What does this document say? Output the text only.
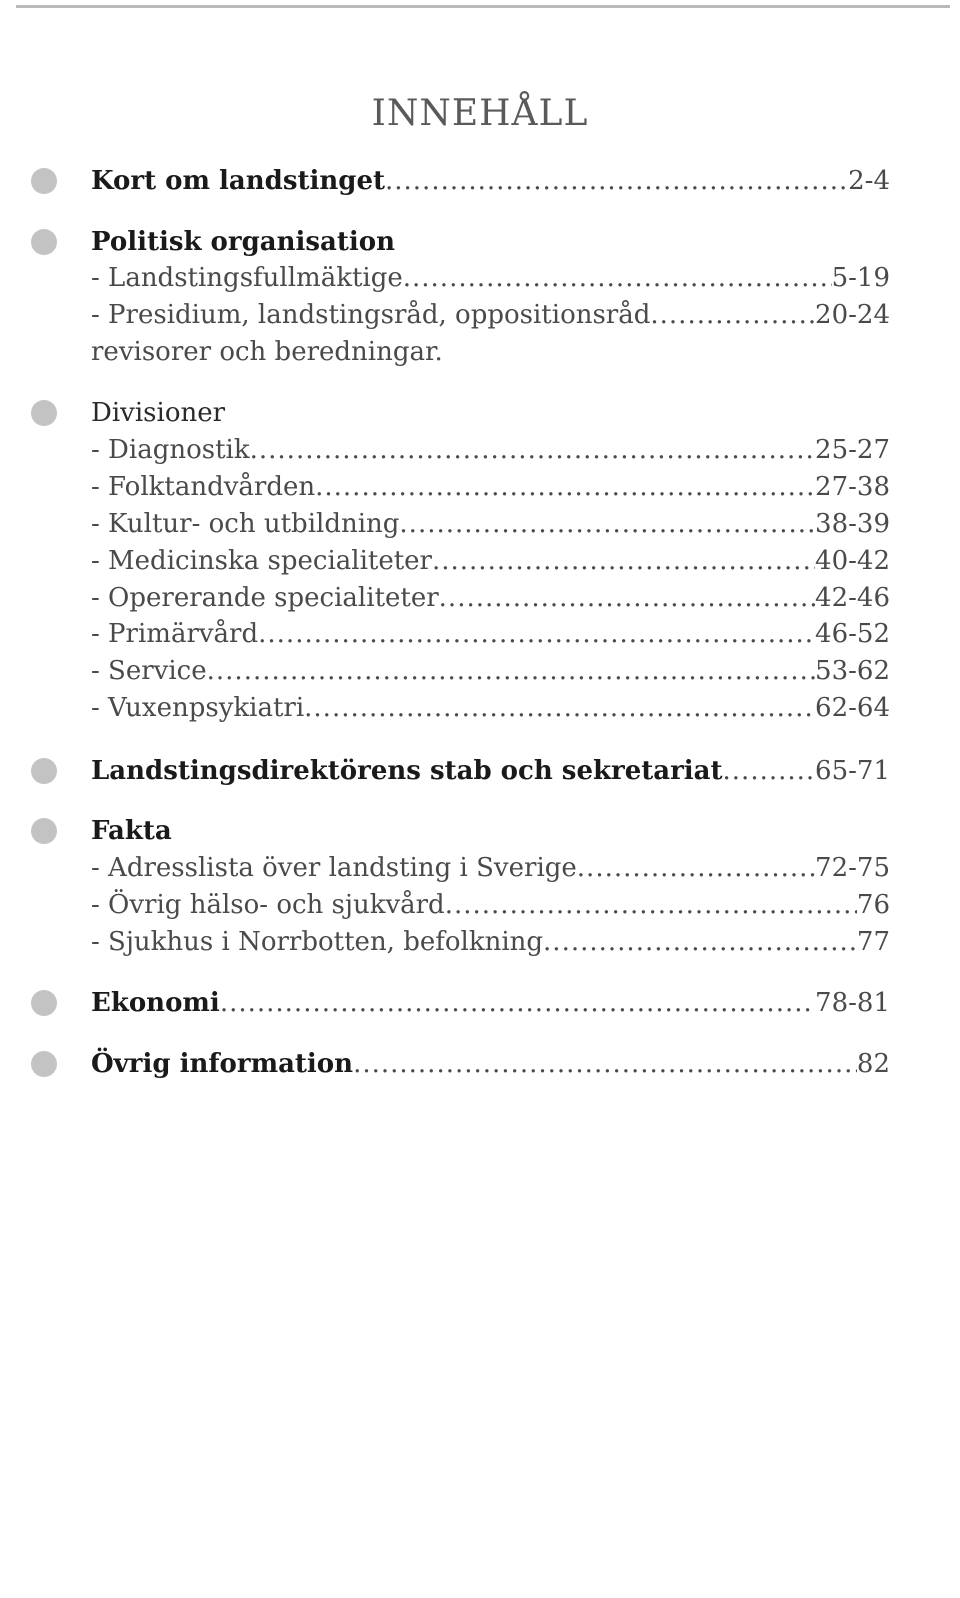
INNEHÅLL
Kort om landstinget .....	2-4
Politisk organisation
- Landstingsfullmäktige .....	5-19
- Presidium, landstingsråd, oppositionsråd .....	20-24
revisorer och beredningar.
Divisioner
- Diagnostik .....	25-27
- Folktandvården .....	27-38
- Kultur- och utbildning .....	38-39
- Medicinska specialiteter .....	40-42
- Opererande specialiteter .....	42-46
- Primärvård .....	46-52
- Service .....	53-62
- Vuxenpsykiatri .....	62-64
Landstingsdirektörens stab och sekretariat .....	65-71
Fakta
- Adresslista över landsting i Sverige .....	72-75
- Övrig hälso- och sjukvård .....	76
- Sjukhus i Norrbotten, befolkning .....	77
Ekonomi .....	78-81
Övrig information .....	82
